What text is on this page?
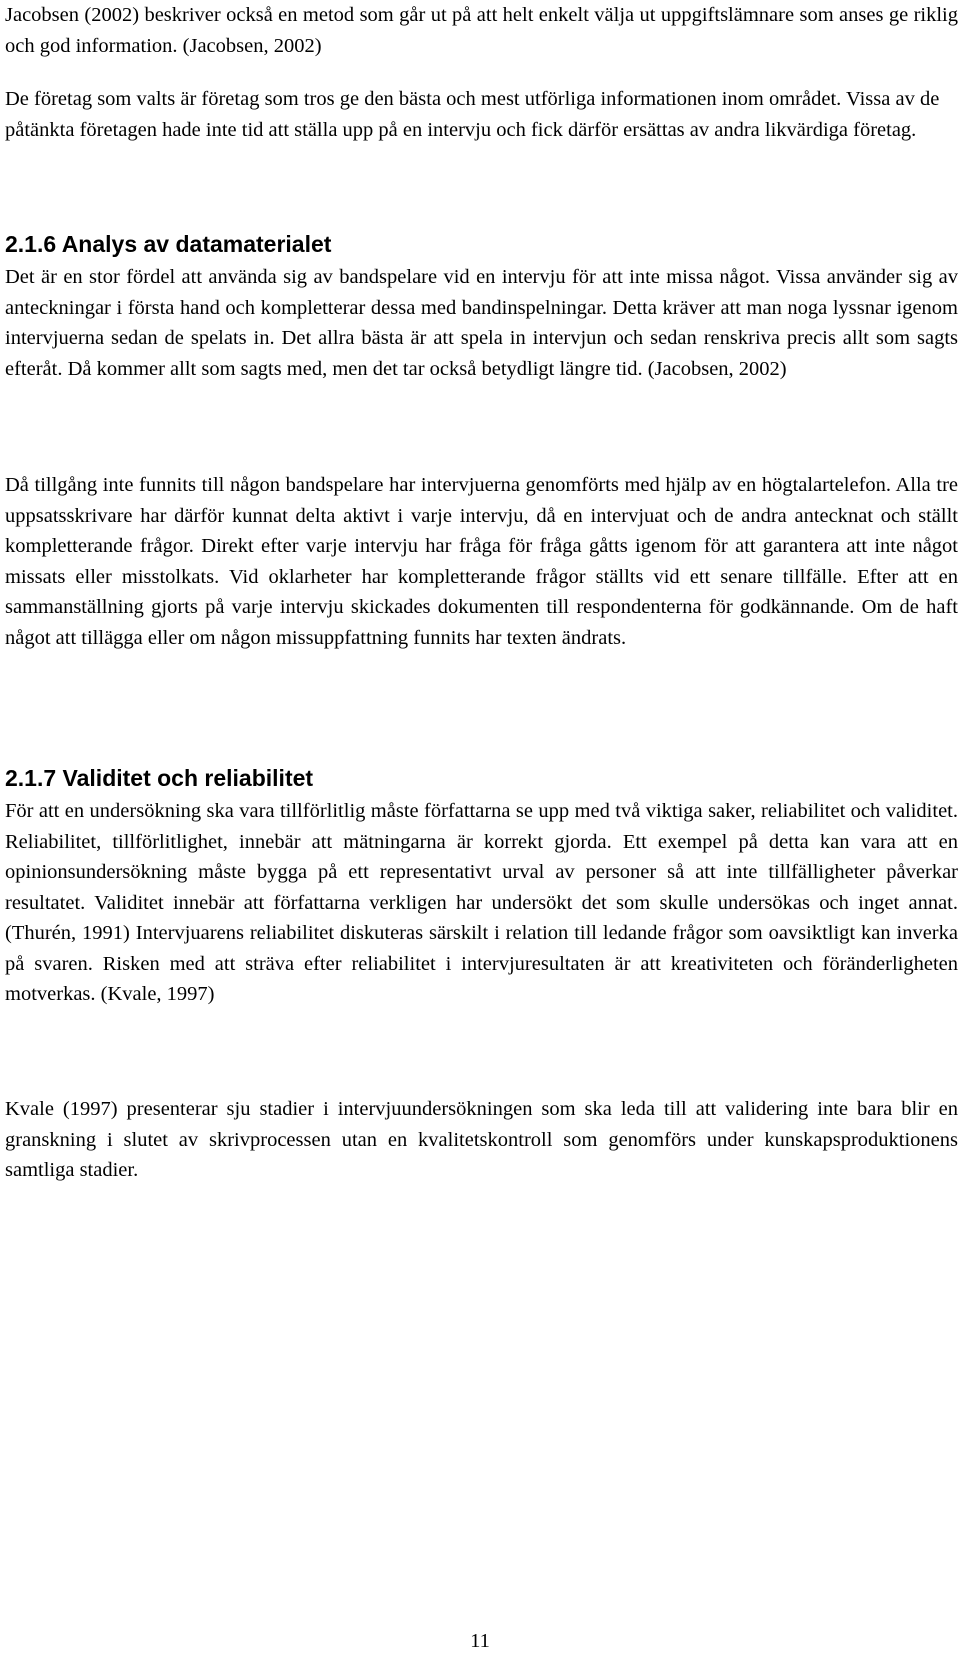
Jacobsen (2002) beskriver också en metod som går ut på att helt enkelt välja ut uppgiftslämnare som anses ge riklig och god information. (Jacobsen, 2002)

De företag som valts är företag som tros ge den bästa och mest utförliga informationen inom området. Vissa av de påtänkta företagen hade inte tid att ställa upp på en intervju och fick därför ersättas av andra likvärdiga företag.

2.1.6 Analys av datamaterialet

Det är en stor fördel att använda sig av bandspelare vid en intervju för att inte missa något. Vissa använder sig av anteckningar i första hand och kompletterar dessa med bandinspelningar. Detta kräver att man noga lyssnar igenom intervjuerna sedan de spelats in. Det allra bästa är att spela in intervjun och sedan renskriva precis allt som sagts efteråt. Då kommer allt som sagts med, men det tar också betydligt längre tid. (Jacobsen, 2002)

Då tillgång inte funnits till någon bandspelare har intervjuerna genomförts med hjälp av en högtalartelefon. Alla tre uppsatsskrivare har därför kunnat delta aktivt i varje intervju, då en intervjuat och de andra antecknat och ställt kompletterande frågor. Direkt efter varje intervju har fråga för fråga gåtts igenom för att garantera att inte något missats eller misstolkats. Vid oklarheter har kompletterande frågor ställts vid ett senare tillfälle. Efter att en sammanställning gjorts på varje intervju skickades dokumenten till respondenterna för godkännande. Om de haft något att tillägga eller om någon missuppfattning funnits har texten ändrats.

2.1.7 Validitet och reliabilitet

För att en undersökning ska vara tillförlitlig måste författarna se upp med två viktiga saker, reliabilitet och validitet. Reliabilitet, tillförlitlighet, innebär att mätningarna är korrekt gjorda. Ett exempel på detta kan vara att en opinionsundersökning måste bygga på ett representativt urval av personer så att inte tillfälligheter påverkar resultatet. Validitet innebär att författarna verkligen har undersökt det som skulle undersökas och inget annat. (Thurén, 1991) Intervjuarens reliabilitet diskuteras särskilt i relation till ledande frågor som oavsiktligt kan inverka på svaren. Risken med att sträva efter reliabilitet i intervjuresultaten är att kreativiteten och föränderligheten motverkas. (Kvale, 1997)

Kvale (1997) presenterar sju stadier i intervjuundersökningen som ska leda till att validering inte bara blir en granskning i slutet av skrivprocessen utan en kvalitetskontroll som genomförs under kunskapsproduktionens samtliga stadier.

11
